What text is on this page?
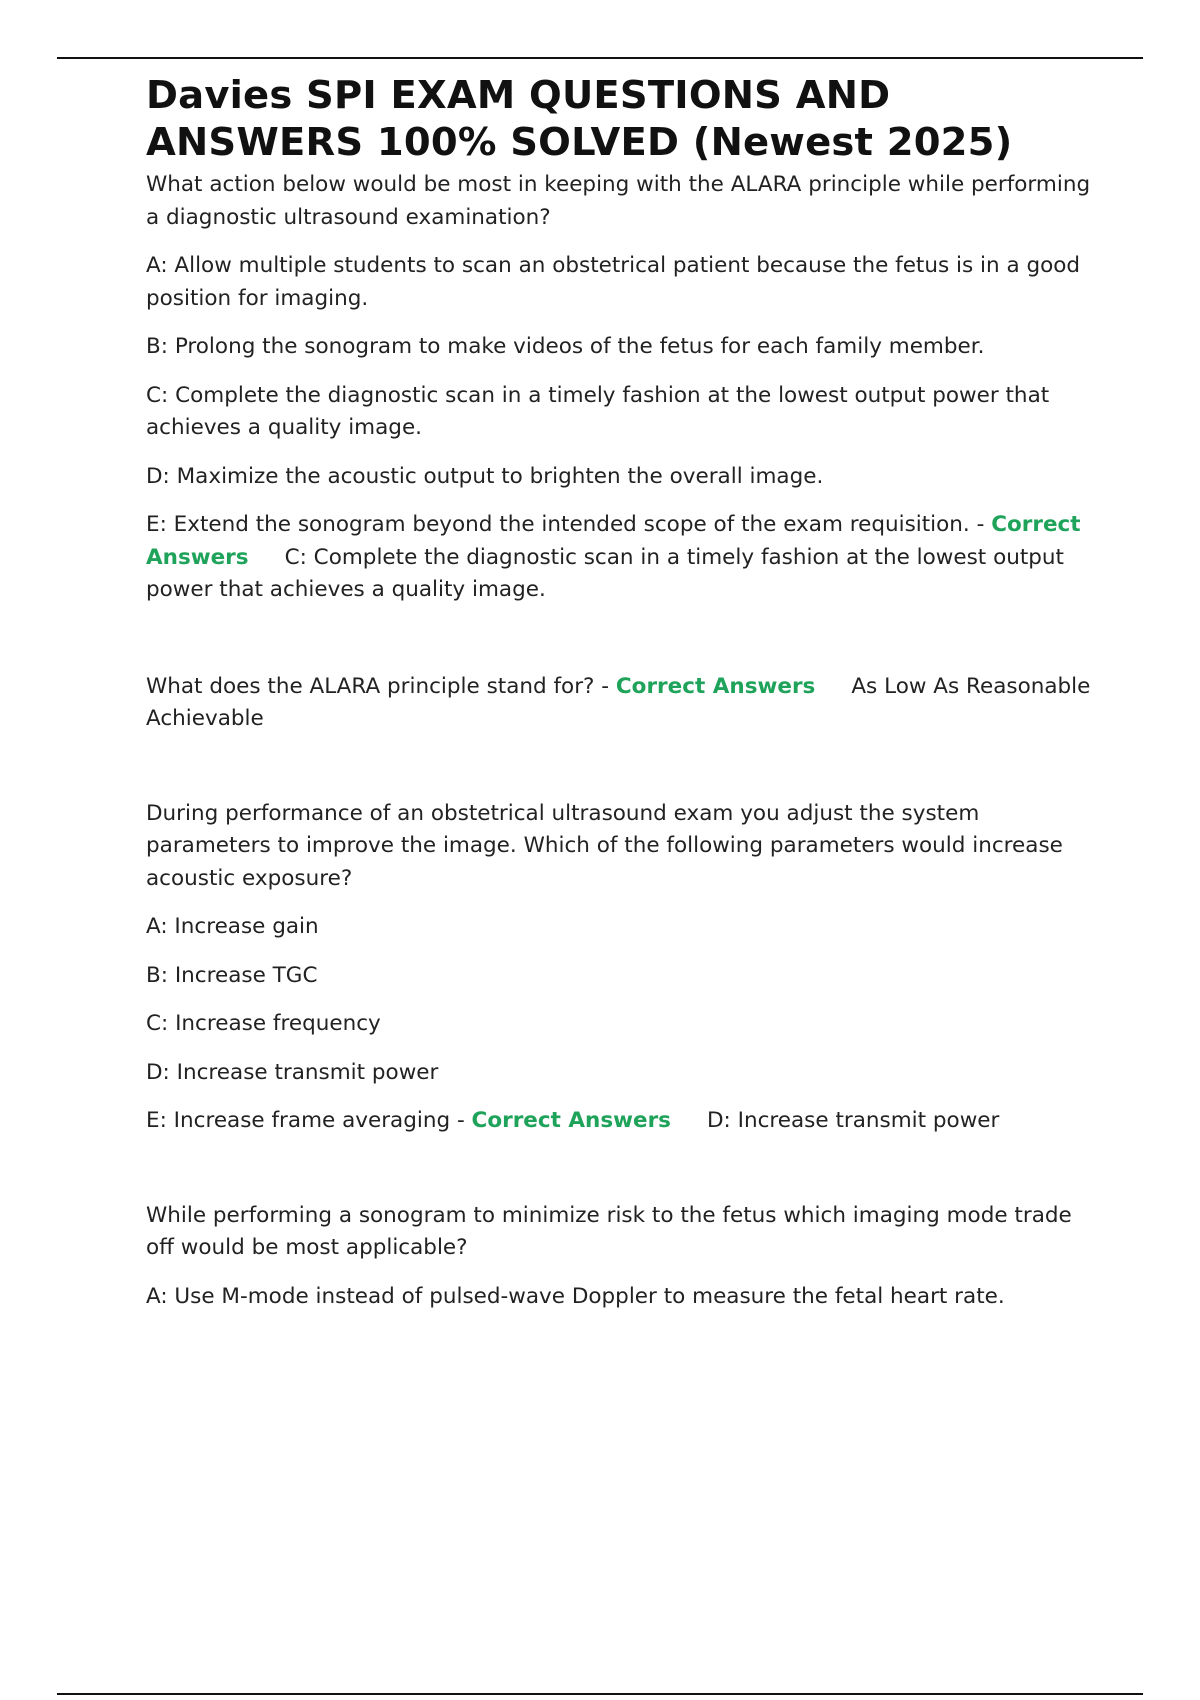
Davies SPI EXAM QUESTIONS AND ANSWERS 100% SOLVED (Newest 2025)

What action below would be most in keeping with the ALARA principle while performing a diagnostic ultrasound examination?

A: Allow multiple students to scan an obstetrical patient because the fetus is in a good position for imaging.

B: Prolong the sonogram to make videos of the fetus for each family member.

C: Complete the diagnostic scan in a timely fashion at the lowest output power that achieves a quality image.

D: Maximize the acoustic output to brighten the overall image.

E: Extend the sonogram beyond the intended scope of the exam requisition. - Correct Answers C: Complete the diagnostic scan in a timely fashion at the lowest output power that achieves a quality image.

What does the ALARA principle stand for? - Correct Answers As Low As Reasonable Achievable

During performance of an obstetrical ultrasound exam you adjust the system parameters to improve the image. Which of the following parameters would increase acoustic exposure?

A: Increase gain

B: Increase TGC

C: Increase frequency

D: Increase transmit power

E: Increase frame averaging - Correct Answers D: Increase transmit power

While performing a sonogram to minimize risk to the fetus which imaging mode trade off would be most applicable?

A: Use M-mode instead of pulsed-wave Doppler to measure the fetal heart rate.
